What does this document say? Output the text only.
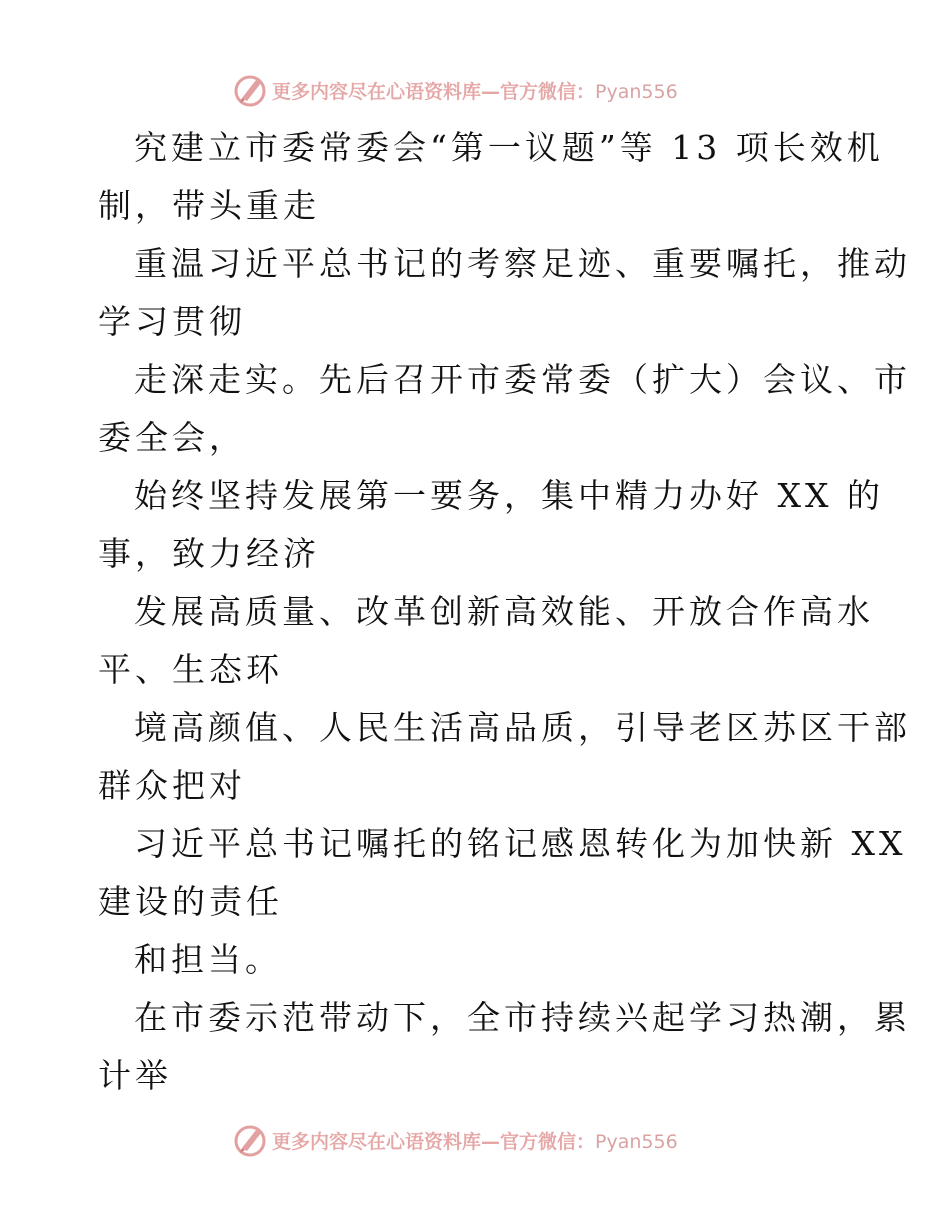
更多内容尽在心语资料库—官方微信：Pyan556
究建立市委常委会“第一议题”等 13 项长效机
制，带头重走
重温习近平总书记的考察足迹、重要嘱托，推动
学习贯彻
走深走实。先后召开市委常委（扩大）会议、市
委全会，
始终坚持发展第一要务，集中精力办好 XX 的
事，致力经济
发展高质量、改革创新高效能、开放合作高水
平、生态环
境高颜值、人民生活高品质，引导老区苏区干部
群众把对
习近平总书记嘱托的铭记感恩转化为加快新 XX
建设的责任
和担当。
在市委示范带动下，全市持续兴起学习热潮，累
计举
更多内容尽在心语资料库—官方微信：Pyan556
